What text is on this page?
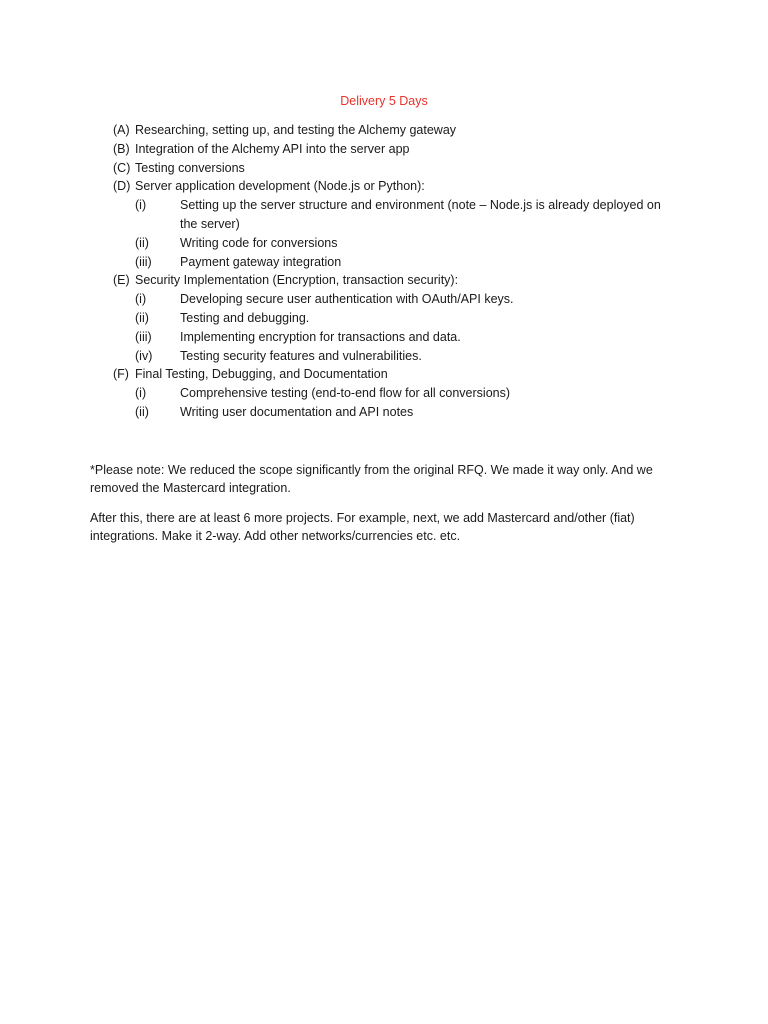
Delivery 5 Days
(A) Researching, setting up, and testing the Alchemy gateway
(B) Integration of the Alchemy API into the server app
(C) Testing conversions
(D) Server application development (Node.js or Python):
(i)	Setting up the server structure and environment (note – Node.js is already deployed on the server)
(ii)	Writing code for conversions
(iii)	Payment gateway integration
(E) Security Implementation (Encryption, transaction security):
(i)	Developing secure user authentication with OAuth/API keys.
(ii)	Testing and debugging.
(iii)	Implementing encryption for transactions and data.
(iv)	Testing security features and vulnerabilities.
(F) Final Testing, Debugging, and Documentation
(i)	Comprehensive testing (end-to-end flow for all conversions)
(ii)	Writing user documentation and API notes

*Please note: We reduced the scope significantly from the original RFQ. We made it way only. And we removed the Mastercard integration.

After this, there are at least 6 more projects. For example, next, we add Mastercard and/other (fiat) integrations. Make it 2-way. Add other networks/currencies etc. etc.
